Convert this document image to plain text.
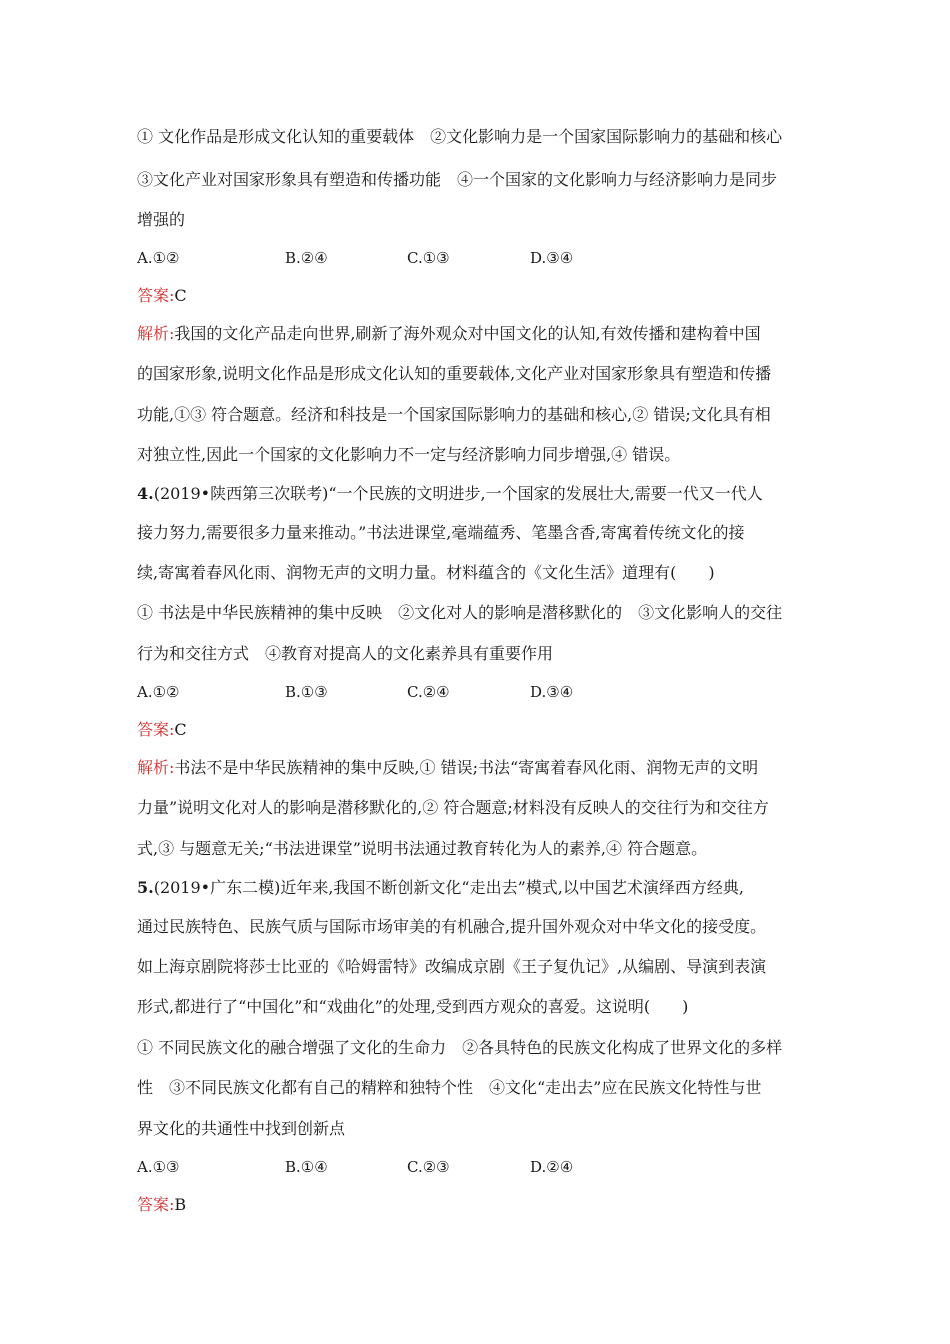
① 文化作品是形成文化认知的重要载体　②文化影响力是一个国家国际影响力的基础和核心
③文化产业对国家形象具有塑造和传播功能　④一个国家的文化影响力与经济影响力是同步
增强的
A.①②	B.②④	C.①③	D.③④
答案:C
解析:我国的文化产品走向世界,刷新了海外观众对中国文化的认知,有效传播和建构着中国
的国家形象,说明文化作品是形成文化认知的重要载体,文化产业对国家形象具有塑造和传播
功能,①③ 符合题意。经济和科技是一个国家国际影响力的基础和核心,② 错误;文化具有相
对独立性,因此一个国家的文化影响力不一定与经济影响力同步增强,④ 错误。
4.(2019•陕西第三次联考)“一个民族的文明进步,一个国家的发展壮大,需要一代又一代人
接力努力,需要很多力量来推动。”书法进课堂,毫端蕴秀、笔墨含香,寄寓着传统文化的接
续,寄寓着春风化雨、润物无声的文明力量。材料蕴含的《文化生活》道理有(　　)
① 书法是中华民族精神的集中反映　②文化对人的影响是潜移默化的　③文化影响人的交往
行为和交往方式　④教育对提高人的文化素养具有重要作用
A.①②	B.①③	C.②④	D.③④
答案:C
解析:书法不是中华民族精神的集中反映,① 错误;书法“寄寓着春风化雨、润物无声的文明
力量”说明文化对人的影响是潜移默化的,② 符合题意;材料没有反映人的交往行为和交往方
式,③ 与题意无关;“书法进课堂”说明书法通过教育转化为人的素养,④ 符合题意。
5.(2019•广东二模)近年来,我国不断创新文化“走出去”模式,以中国艺术演绎西方经典,
通过民族特色、民族气质与国际市场审美的有机融合,提升国外观众对中华文化的接受度。
如上海京剧院将莎士比亚的《哈姆雷特》改编成京剧《王子复仇记》,从编剧、导演到表演
形式,都进行了“中国化”和“戏曲化”的处理,受到西方观众的喜爱。这说明(　　)
① 不同民族文化的融合增强了文化的生命力　②各具特色的民族文化构成了世界文化的多样
性　③不同民族文化都有自己的精粹和独特个性　④文化“走出去”应在民族文化特性与世
界文化的共通性中找到创新点
A.①③	B.①④	C.②③	D.②④
答案:B
